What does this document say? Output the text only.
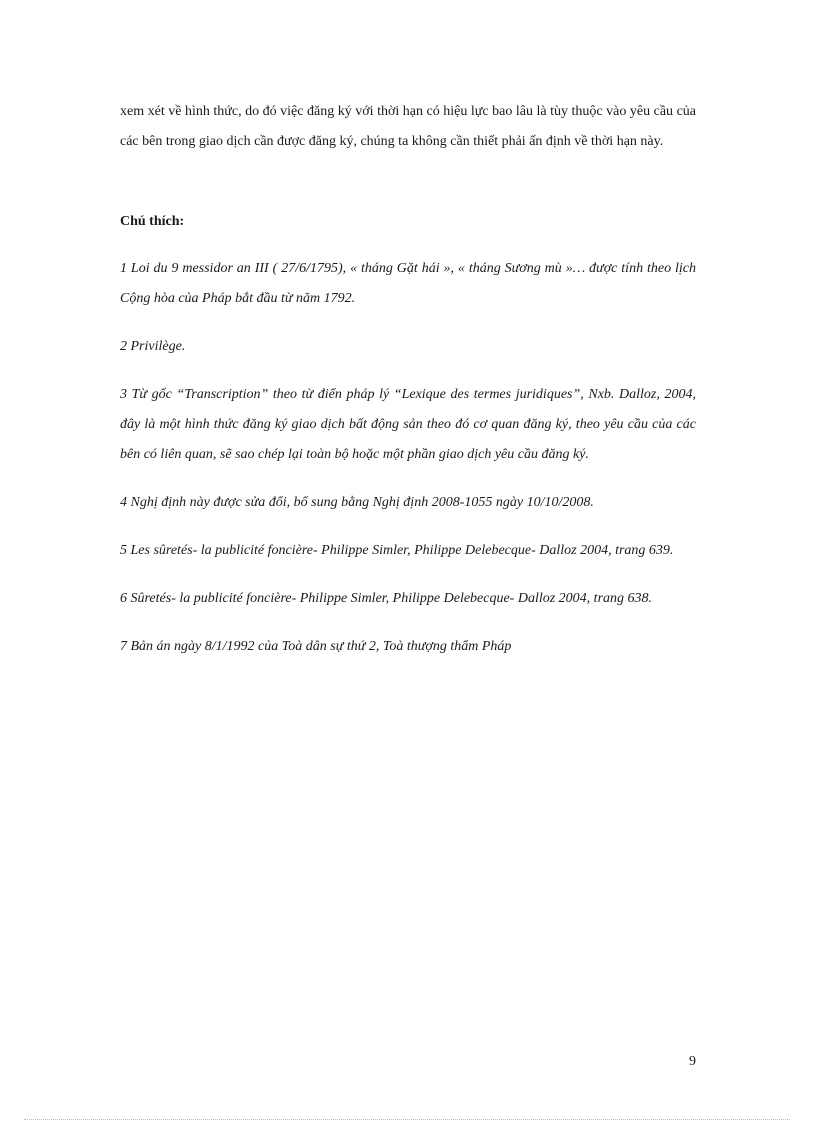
xem xét về hình thức, do đó việc đăng ký với thời hạn có hiệu lực bao lâu là tùy thuộc vào yêu cầu của các bên trong giao dịch cần được đăng ký, chúng ta không cần thiết phải ấn định về thời hạn này.

Chú thích:

1 Loi du 9 messidor an III ( 27/6/1795), « tháng Gặt hái », « tháng Sương mù »… được tính theo lịch Cộng hòa của Pháp bắt đầu từ năm 1792.

2 Privilège.

3 Từ gốc “Transcription” theo từ điển pháp lý “Lexique des termes juridiques”, Nxb. Dalloz, 2004, đây là một hình thức đăng ký giao dịch bất động sản theo đó cơ quan đăng ký, theo yêu cầu của các bên có liên quan, sẽ sao chép lại toàn bộ hoặc một phần giao dịch yêu cầu đăng ký.

4 Nghị định này được sửa đổi, bổ sung bằng Nghị định 2008-1055 ngày 10/10/2008.

5 Les sûretés- la publicité foncière- Philippe Simler, Philippe Delebecque- Dalloz 2004, trang 639.

6 Sûretés- la publicité foncière- Philippe Simler, Philippe Delebecque- Dalloz 2004, trang 638.

7 Bản án ngày 8/1/1992 của Toà dân sự thứ 2, Toà thượng thẩm Pháp

9
